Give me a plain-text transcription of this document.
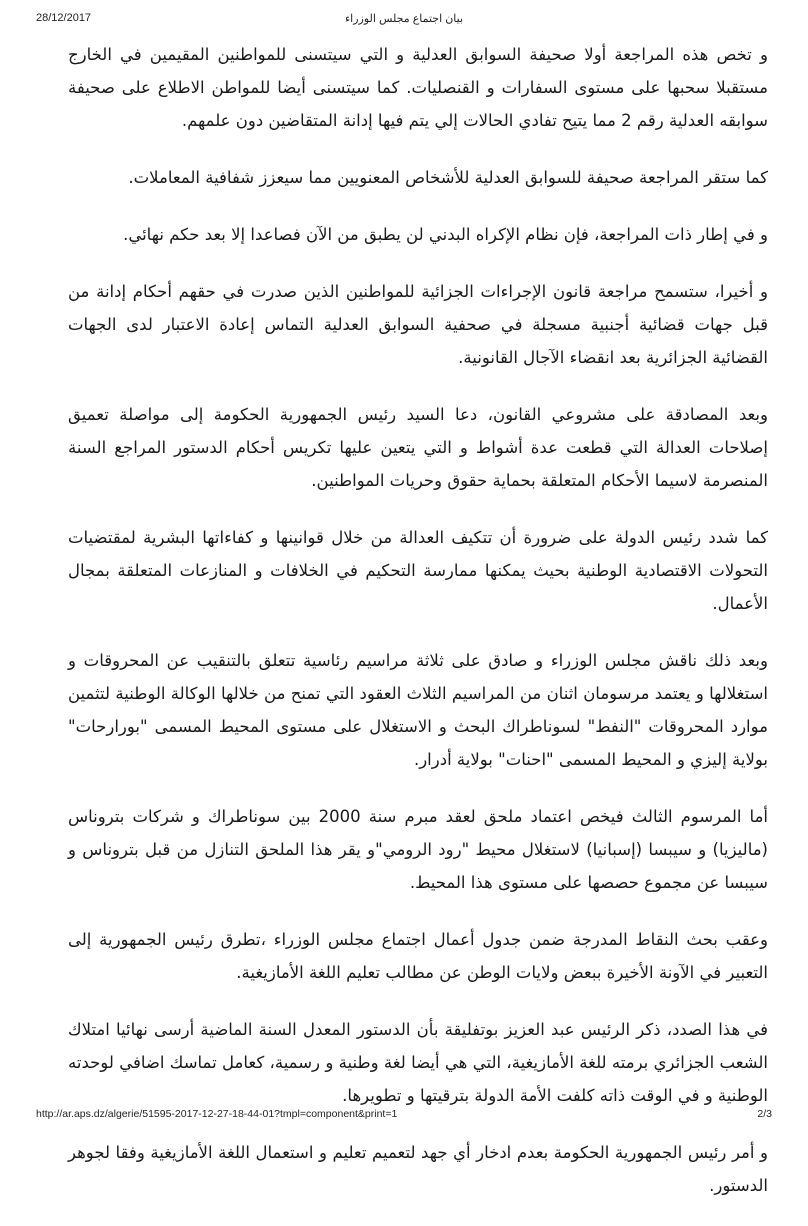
28/12/2017	بيان اجتماع مجلس الوزراء

و تخص هذه المراجعة أولا صحيفة السوابق العدلية و التي سيتسنى للمواطنين المقيمين في الخارج مستقبلا سحبها على مستوى السفارات و القنصليات. كما سيتسنى أيضا للمواطن الاطلاع على صحيفة سوابقه العدلية رقم 2 مما يتيح تفادي الحالات إلي يتم فيها إدانة المتقاضين دون علمهم.

كما ستقر المراجعة صحيفة للسوابق العدلية للأشخاص المعنويين مما سيعزز شفافية المعاملات.

و في إطار ذات المراجعة، فإن نظام الإكراه البدني لن يطبق من الآن فصاعدا إلا بعد حكم نهائي.

و أخيرا، ستسمح مراجعة قانون الإجراءات الجزائية للمواطنين الذين صدرت في حقهم أحكام إدانة من قبل جهات قضائية أجنبية مسجلة في صحفية السوابق العدلية التماس إعادة الاعتبار لدى الجهات القضائية الجزائرية بعد انقضاء الآجال القانونية.

وبعد المصادقة على مشروعي القانون، دعا السيد رئيس الجمهورية الحكومة إلى مواصلة تعميق إصلاحات العدالة التي قطعت عدة أشواط و التي يتعين عليها تكريس أحكام الدستور المراجع السنة المنصرمة لاسيما الأحكام المتعلقة بحماية حقوق وحريات المواطنين.

كما شدد رئيس الدولة على ضرورة أن تتكيف العدالة من خلال قوانينها و كفاءاتها البشرية لمقتضيات التحولات الاقتصادية الوطنية بحيث يمكنها ممارسة التحكيم في الخلافات و المنازعات المتعلقة بمجال الأعمال.

وبعد ذلك ناقش مجلس الوزراء و صادق على ثلاثة مراسيم رئاسية تتعلق بالتنقيب عن المحروقات و استغلالها و يعتمد مرسومان اثنان من المراسيم الثلاث العقود التي تمنح من خلالها الوكالة الوطنية لتثمين موارد المحروقات "النفط" لسوناطراك البحث و الاستغلال على مستوى المحيط المسمى "بورارحات" بولاية إليزي و المحيط المسمى "احنات" بولاية أدرار.

أما المرسوم الثالث فيخص اعتماد ملحق لعقد مبرم سنة 2000 بين سوناطراك و شركات بتروناس (ماليزيا) و سيبسا (إسبانيا) لاستغلال محيط "رود الرومي"و يقر هذا الملحق التنازل من قبل بتروناس و سيبسا عن مجموع حصصها على مستوى هذا المحيط.

وعقب بحث النقاط المدرجة ضمن جدول أعمال اجتماع مجلس الوزراء ،تطرق رئيس الجمهورية إلى التعبير في الآونة الأخيرة ببعض ولايات الوطن عن مطالب تعليم اللغة الأمازيغية.

في هذا الصدد، ذكر الرئيس عبد العزيز بوتفليقة بأن الدستور المعدل السنة الماضية أرسى نهائيا امتلاك الشعب الجزائري برمته للغة الأمازيغية، التي هي أيضا لغة وطنية و رسمية، كعامل تماسك اضافي لوحدته الوطنية و في الوقت ذاته كلفت الأمة الدولة بترقيتها و تطويرها.

و أمر رئيس الجمهورية الحكومة بعدم ادخار أي جهد لتعميم تعليم و استعمال اللغة الأمازيغية وفقا لجوهر الدستور.

http://ar.aps.dz/algerie/51595-2017-12-27-18-44-01?tmpl=component&print=1	2/3
